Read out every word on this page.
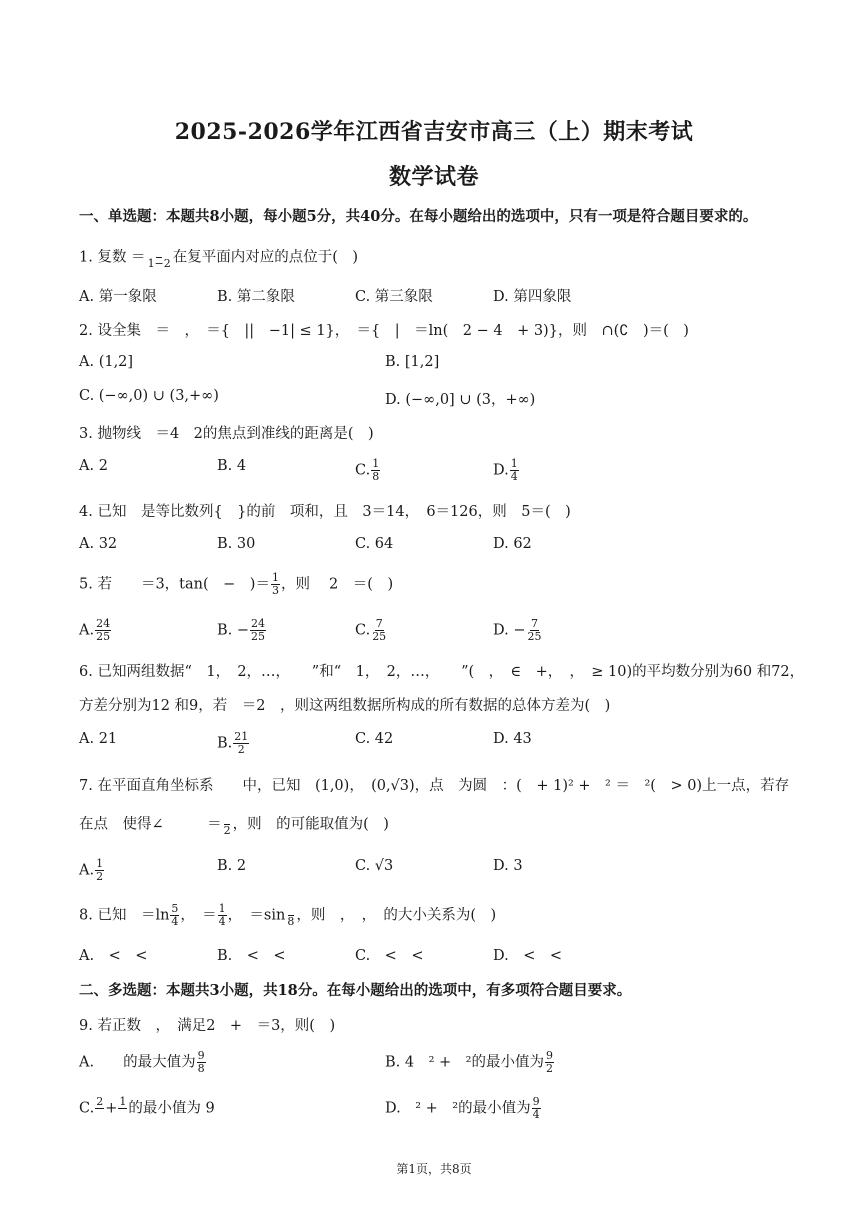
2025-2026学年江西省吉安市高三（上）期末考试
数学试卷
一、单选题：本题共8小题，每小题5分，共40分。在每小题给出的选项中，只有一项是符合题目要求的。
1. 复数 ＝
1−2 在复平面内对应的点位于(　)
A. 第一象限	B. 第二象限	C. 第三象限	D. 第四象限
2. 设全集　＝　，　＝{　||　−1| ≤ 1}，　＝{　|　＝ln(　2 − 4　+ 3)}，则　∩(∁　)＝(　)
A. (1,2]	B. [1,2]
C. (−∞,0) ∪ (3,+∞)	D. (−∞,0] ∪ (3，+∞)
3. 抛物线　＝4　2的焦点到准线的距离是(　)
A. 2	B. 4	C. $\frac{1}{8}$	D. $\frac{1}{4}$
4. 已知　是等比数列{　}的前　项和，且　3＝14，　6＝126，则　5＝(　)
A. 32	B. 30	C. 64	D. 62
5. 若　　＝3，tan(　−　)＝ $\frac{1}{3}$ ，则　 2　＝(　)
A. $\frac{24}{25}$	B. − $\frac{24}{25}$	C. $\frac{7}{25}$	D. − $\frac{7}{25}$
6. 已知两组数据“　1，　2，…，　　”和“　1，　2，…，　　”(　，　∈　+，　，　≥ 10)的平均数分别为60 和72，
方差分别为12 和9，若　＝2　，则这两组数据所构成的所有数据的总体方差为(　)
A. 21	B. $\frac{21}{2}$	C. 42	D. 43
7. 在平面直角坐标系　　中，已知　(1,0)，　(0,√3)，点　为圆　：(　+ 1)² +　² ＝　²(　> 0)上一点，若存
在点　使得∠　　　＝
2 ，则　的可能取值为(　)
A. $\frac{1}{2}$	B. 2	C. √3	D. 3
8. 已知　$=\ln \frac{5}{4}$ ，　＝ $\frac{1}{4}$ ，　＝sin
8 ，则　，　，　的大小关系为(　)
A.　<　<	B.　<　<	C.　<　<	D.　<　<
二、多选题：本题共3小题，共18分。在每小题给出的选项中，有多项符合题目要求。
9. 若正数　，　满足2　+　＝3，则(　)
A.　　的最大值为 $\frac{9}{8}$	B. 4　² +　²的最小值为 $\frac{9}{2}$
C. 2
+ 1
的最小值为 9	D.　² +　²的最小值为 $\frac{9}{4}$
第1页，共8页
